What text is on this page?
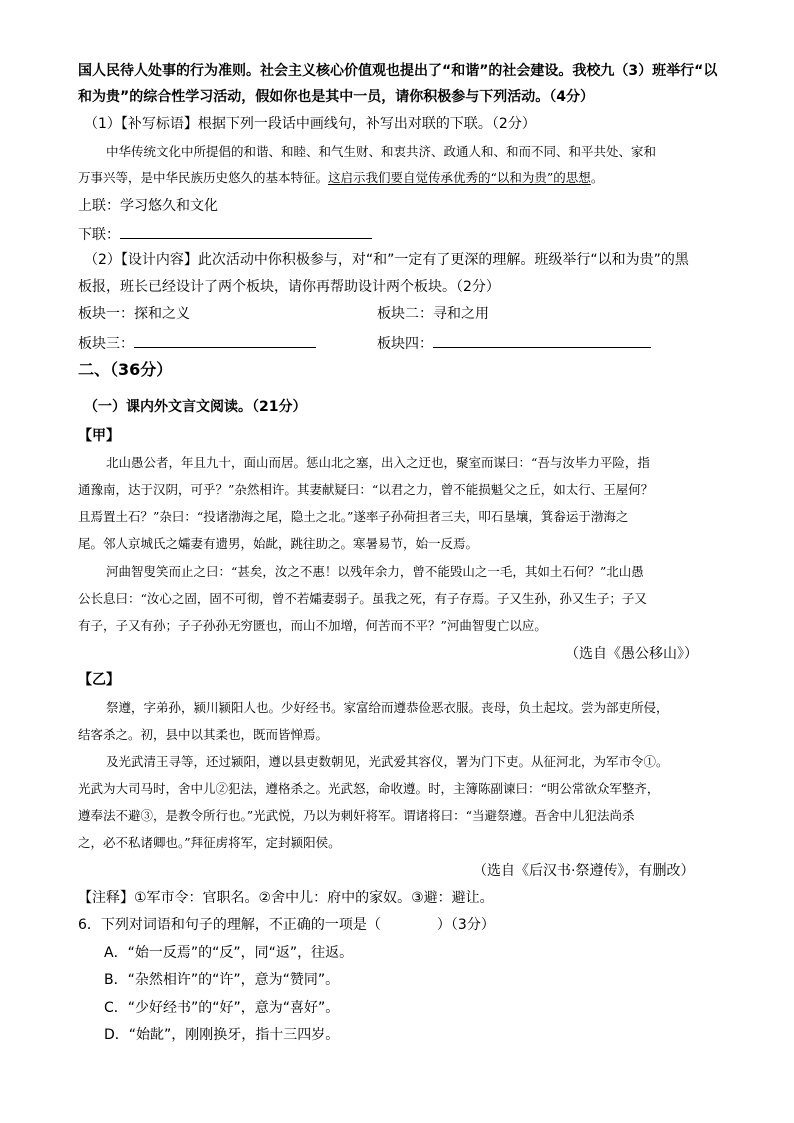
国人民待人处事的行为准则。社会主义核心价值观也提出了“和谐”的社会建设。我校九（3）班举行“以
和为贵”的综合性学习活动，假如你也是其中一员，请你积极参与下列活动。（4分）
（1）【补写标语】根据下列一段话中画线句，补写出对联的下联。（2分）
中华传统文化中所提倡的和谐、和睦、和气生财、和衷共济、政通人和、和而不同、和平共处、家和
万事兴等，是中华民族历史悠久的基本特征。这启示我们要自觉传承优秀的“以和为贵”的思想。
上联：学习悠久和文化
下联：
（2）【设计内容】此次活动中你积极参与，对“和”一定有了更深的理解。班级举行“以和为贵”的黑
板报，班长已经设计了两个板块，请你再帮助设计两个板块。（2分）
板块一：探和之义	板块二：寻和之用
板块三：	板块四：
二、（36分）
（一）课内外文言文阅读。（21分）
【甲】
北山愚公者，年且九十，面山而居。惩山北之塞，出入之迂也，聚室而谋曰：“吾与汝毕力平险，指
通豫南，达于汉阴，可乎？”杂然相许。其妻献疑曰：“以君之力，曾不能损魁父之丘，如太行、王屋何？
且焉置土石？”杂曰：“投诸渤海之尾，隐土之北。”遂率子孙荷担者三夫，叩石垦壤，箕畚运于渤海之
尾。邻人京城氏之孀妻有遗男，始龀，跳往助之。寒暑易节，始一反焉。
河曲智叟笑而止之曰：“甚矣，汝之不惠！以残年余力，曾不能毁山之一毛，其如土石何？”北山愚
公长息曰：“汝心之固，固不可彻，曾不若孀妻弱子。虽我之死，有子存焉。子又生孙，孙又生子；子又
有子，子又有孙；子子孙孙无穷匮也，而山不加增，何苦而不平？”河曲智叟亡以应。
（选自《愚公移山》）
【乙】
祭遵，字弟孙，颍川颍阳人也。少好经书。家富给而遵恭俭恶衣服。丧母，负土起坟。尝为部吏所侵，
结客杀之。初，县中以其柔也，既而皆惮焉。
及光武清王寻等，还过颍阳，遵以县吏数朝见，光武爱其容仪，署为门下吏。从征河北，为军市令①。
光武为大司马时，舍中儿②犯法，遵格杀之。光武怒，命收遵。时，主簿陈副谏曰：“明公常欲众军整齐，
遵奉法不避③，是教令所行也。”光武悦，乃以为刺奸将军。谓诸将曰：“当避祭遵。吾舍中儿犯法尚杀
之，必不私诸卿也。”拜征虏将军，定封颍阳侯。
（选自《后汉书·祭遵传》，有删改）
【注释】①军市令：官职名。②舍中儿：府中的家奴。③避：避让。
6．下列对词语和句子的理解，不正确的一项是（　　　　）（3分）
A．“始一反焉”的“反”，同“返”，往返。
B．“杂然相许”的“许”，意为“赞同”。
C．“少好经书”的“好”，意为“喜好”。
D．“始龀”，刚刚换牙，指十三四岁。
